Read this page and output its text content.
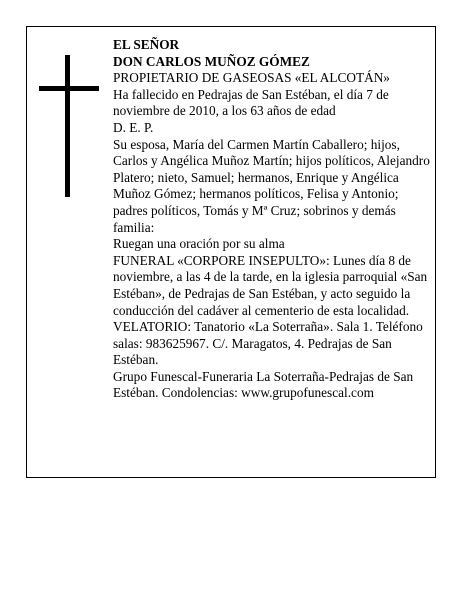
EL SEÑOR

DON CARLOS MUÑOZ GÓMEZ

PROPIETARIO DE GASEOSAS «EL ALCOTÁN»

Ha fallecido en Pedrajas de San Estéban, el día 7 de noviembre de 2010, a los 63 años de edad

D. E. P.

Su esposa, María del Carmen Martín Caballero; hijos, Carlos y Angélica Muñoz Martín; hijos políticos, Alejandro Platero; nieto, Samuel; hermanos, Enrique y Angélica Muñoz Gómez; hermanos políticos, Felisa y Antonio; padres políticos, Tomás y Mª Cruz; sobrinos y demás familia:

Ruegan una oración por su alma

FUNERAL «CORPORE INSEPULTO»: Lunes día 8 de noviembre, a las 4 de la tarde, en la iglesia parroquial «San Estéban», de Pedrajas de San Estéban, y acto seguido la conducción del cadáver al cementerio de esta localidad.

VELATORIO: Tanatorio «La Soterraña». Sala 1. Teléfono salas: 983625967. C/. Maragatos, 4. Pedrajas de San Estéban.

Grupo Funescal-Funeraria La Soterraña-Pedrajas de San Estéban. Condolencias: www.grupofunescal.com
